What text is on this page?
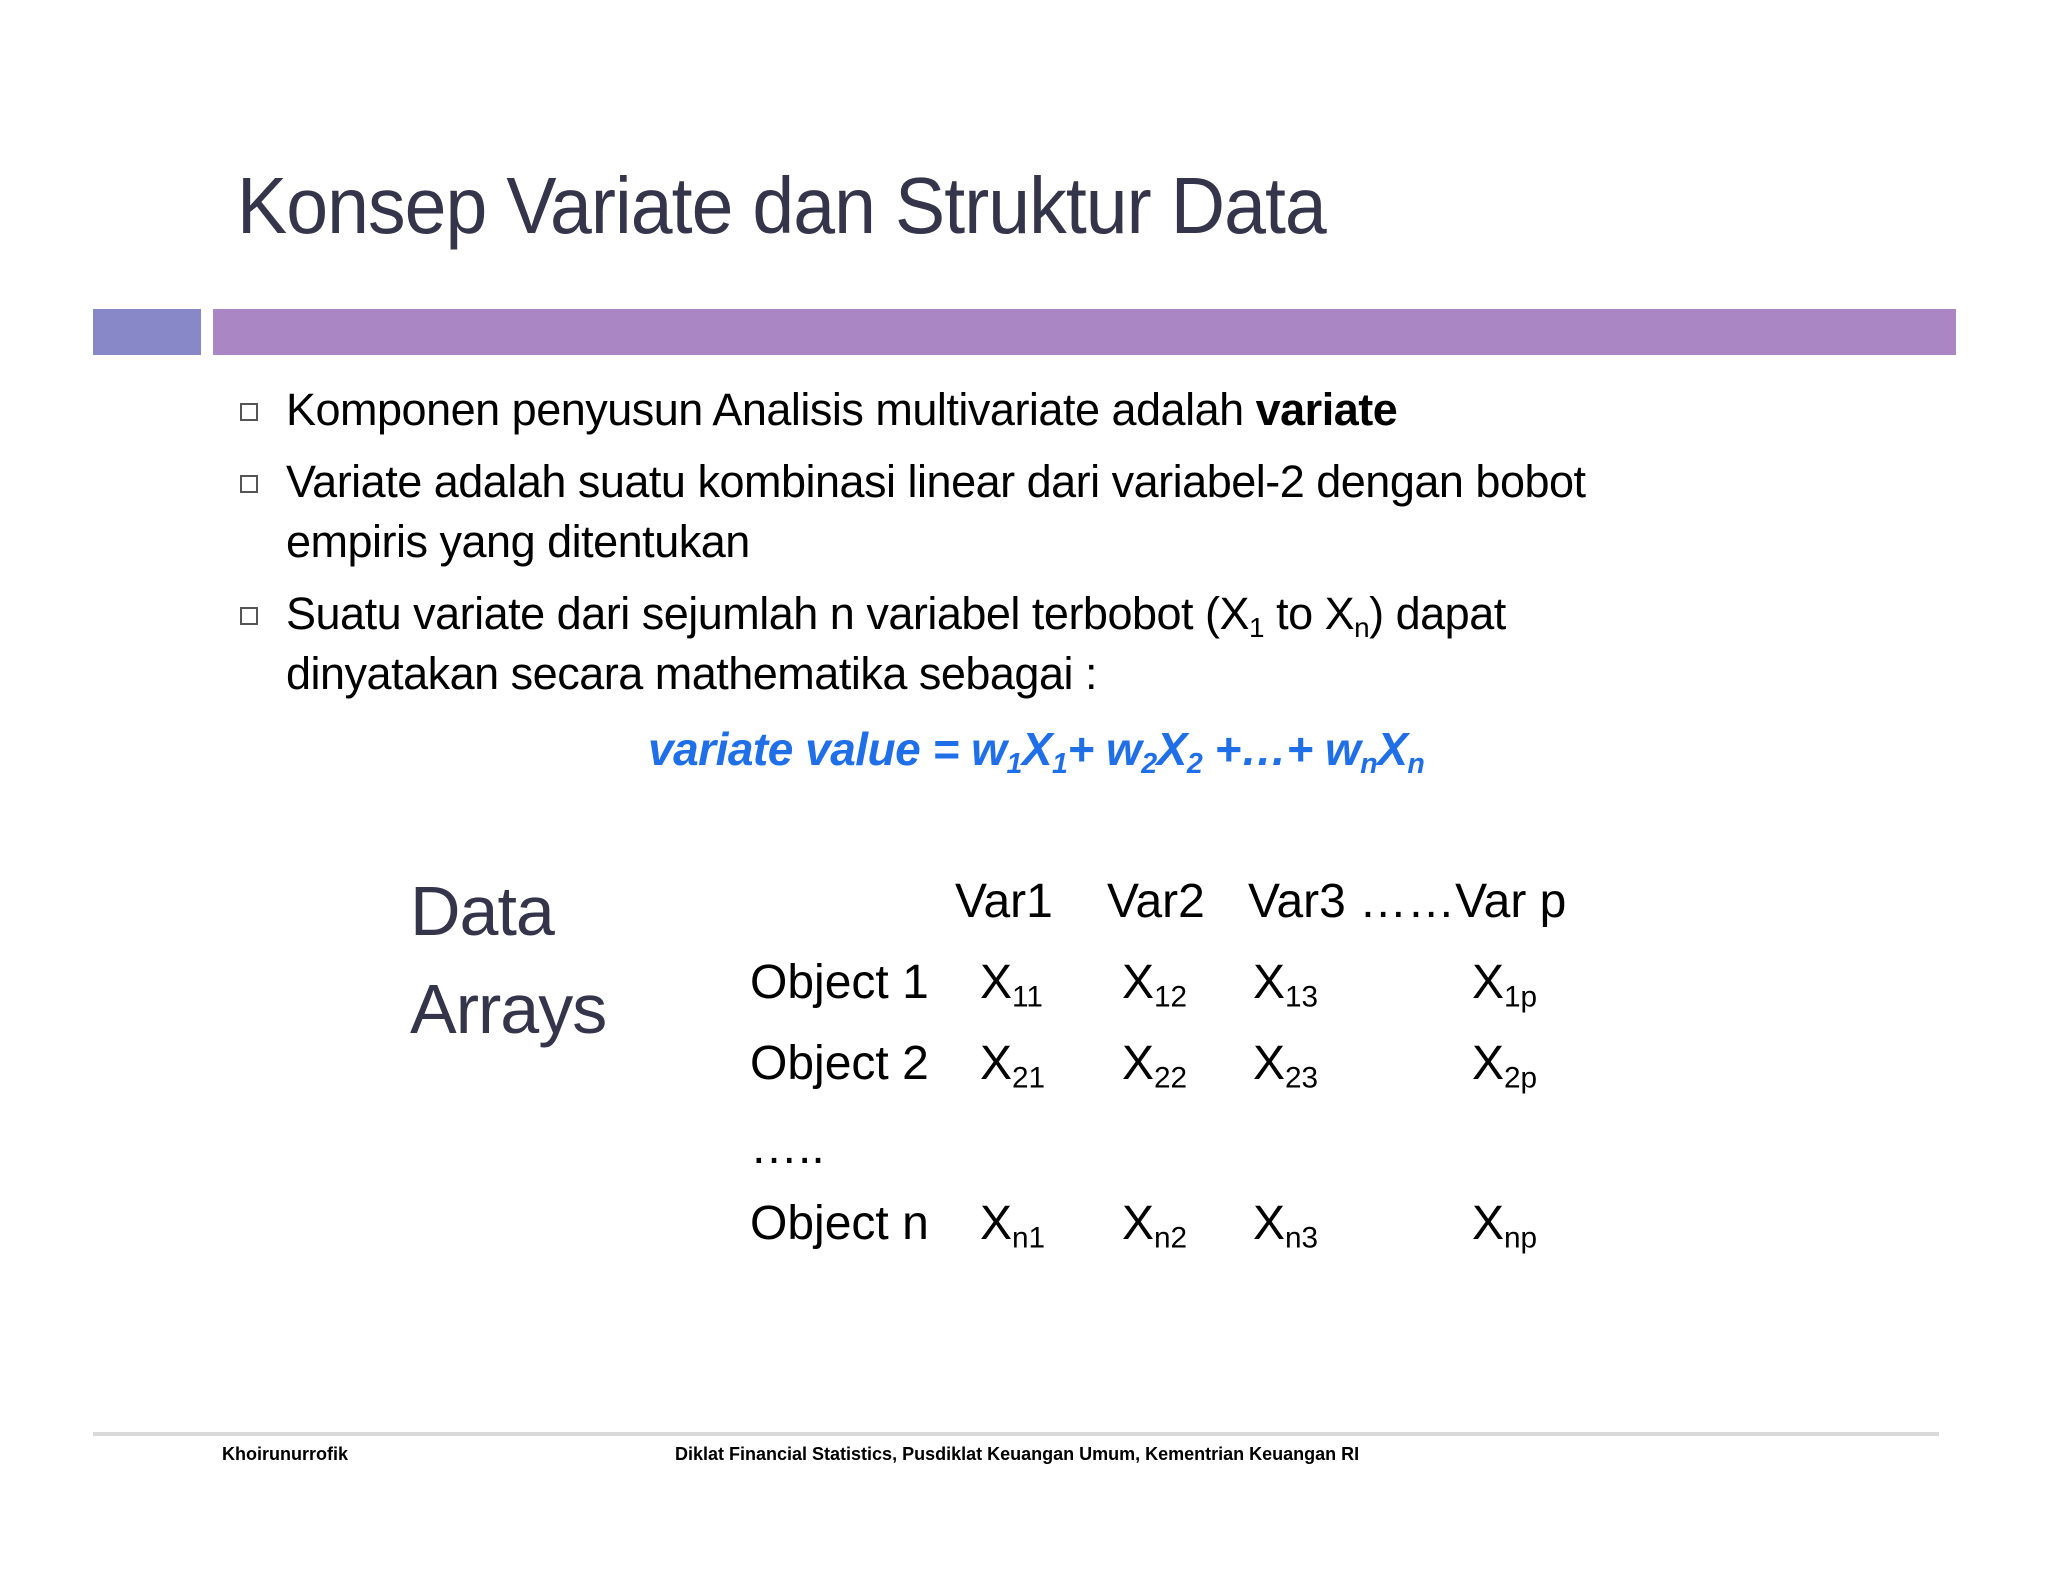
Konsep Variate dan Struktur Data
Komponen penyusun Analisis multivariate adalah variate
Variate adalah suatu kombinasi linear dari variabel-2 dengan bobot
empiris yang ditentukan
Suatu variate dari sejumlah n variabel terbobot ($X_1$ to $X_n$) dapat
dinyatakan secara mathematika sebagai :
variate value = $w_1X_1+ w_2X_2$ +…+ $w_nX_n$
Data
Arrays
Var1 Var2 Var3 ……Var p
Object 1 $X_{11}$ $X_{12}$ $X_{13}$	$X_{1p}$
Object 2 $X_{21}$ $X_{22}$ $X_{23}$	$X_{2p}$
…..
Object n $X_{n1}$ $X_{n2}$ $X_{n3}$	$X_{np}$
Khoirunurrofik	Diklat Financial Statistics, Pusdiklat Keuangan Umum, Kementrian Keuangan RI
